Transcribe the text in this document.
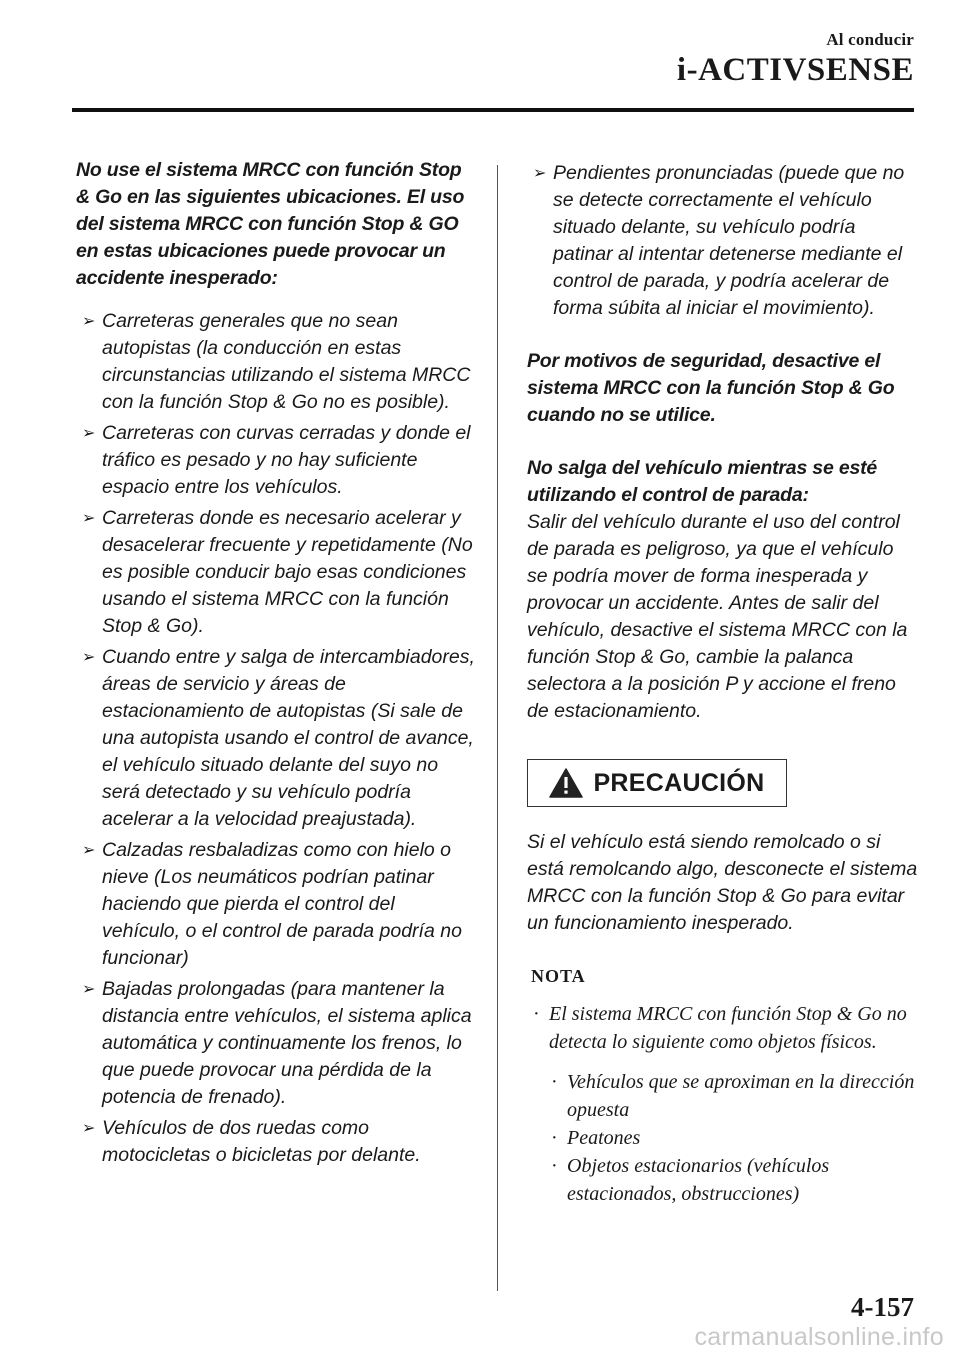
Al conducir
i-ACTIVSENSE

No use el sistema MRCC con función Stop & Go en las siguientes ubicaciones. El uso del sistema MRCC con función Stop & GO en estas ubicaciones puede provocar un accidente inesperado:

➢ Carreteras generales que no sean autopistas (la conducción en estas circunstancias utilizando el sistema MRCC con la función Stop & Go no es posible).
➢ Carreteras con curvas cerradas y donde el tráfico es pesado y no hay suficiente espacio entre los vehículos.
➢ Carreteras donde es necesario acelerar y desacelerar frecuente y repetidamente (No es posible conducir bajo esas condiciones usando el sistema MRCC con la función Stop & Go).
➢ Cuando entre y salga de intercambiadores, áreas de servicio y áreas de estacionamiento de autopistas (Si sale de una autopista usando el control de avance, el vehículo situado delante del suyo no será detectado y su vehículo podría acelerar a la velocidad preajustada).
➢ Calzadas resbaladizas como con hielo o nieve (Los neumáticos podrían patinar haciendo que pierda el control del vehículo, o el control de parada podría no funcionar)
➢ Bajadas prolongadas (para mantener la distancia entre vehículos, el sistema aplica automática y continuamente los frenos, lo que puede provocar una pérdida de la potencia de frenado).
➢ Vehículos de dos ruedas como motocicletas o bicicletas por delante.
➢ Pendientes pronunciadas (puede que no se detecte correctamente el vehículo situado delante, su vehículo podría patinar al intentar detenerse mediante el control de parada, y podría acelerar de forma súbita al iniciar el movimiento).

Por motivos de seguridad, desactive el sistema MRCC con la función Stop & Go cuando no se utilice.

No salga del vehículo mientras se esté utilizando el control de parada:

Salir del vehículo durante el uso del control de parada es peligroso, ya que el vehículo se podría mover de forma inesperada y provocar un accidente. Antes de salir del vehículo, desactive el sistema MRCC con la función Stop & Go, cambie la palanca selectora a la posición P y accione el freno de estacionamiento.

PRECAUCIÓN

Si el vehículo está siendo remolcado o si está remolcando algo, desconecte el sistema MRCC con la función Stop & Go para evitar un funcionamiento inesperado.

NOTA
· El sistema MRCC con función Stop & Go no detecta lo siguiente como objetos físicos.
· Vehículos que se aproximan en la dirección opuesta
· Peatones
· Objetos estacionarios (vehículos estacionados, obstrucciones)
4-157
carmanualsonline.info
